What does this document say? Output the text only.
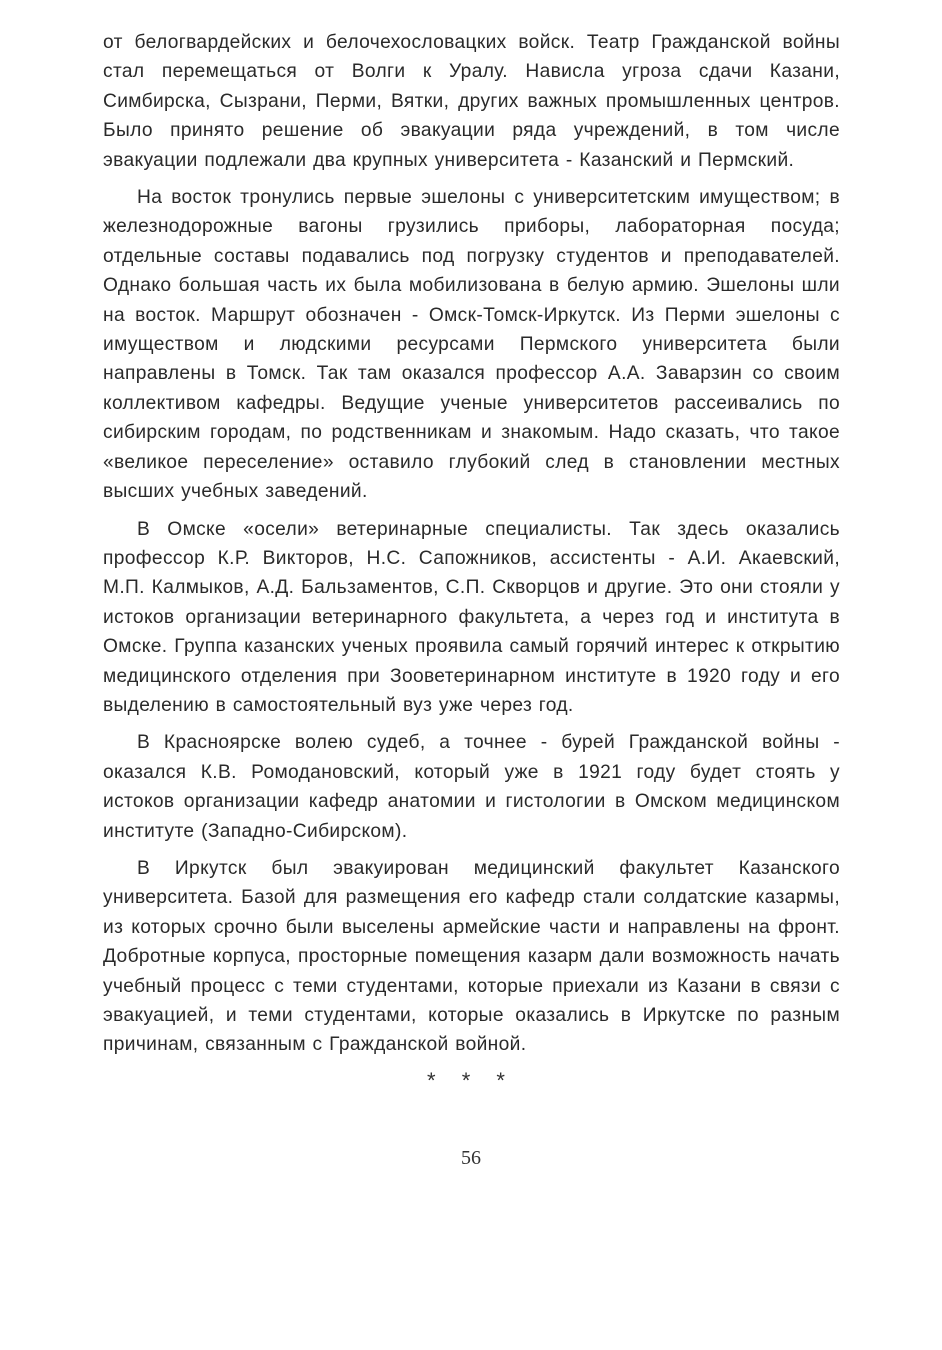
от белогвардейских и белочехословацких войск. Театр Гражданской войны стал перемещаться от Волги к Уралу. Нависла угроза сдачи Казани, Симбирска, Сызрани, Перми, Вятки, других важных промышленных центров. Было принято решение об эвакуации ряда учреждений, в том числе эвакуации подлежали два крупных университета - Казанский и Пермский.

На восток тронулись первые эшелоны с университетским имуществом; в железнодорожные вагоны грузились приборы, лабораторная посуда; отдельные составы подавались под погрузку студентов и преподавателей. Однако большая часть их была мобилизована в белую армию. Эшелоны шли на восток. Маршрут обозначен - Омск-Томск-Иркутск. Из Перми эшелоны с имуществом и людскими ресурсами Пермского университета были направлены в Томск. Так там оказался профессор А.А. Заварзин со своим коллективом кафедры. Ведущие ученые университетов рассеивались по сибирским городам, по родственникам и знакомым. Надо сказать, что такое «великое переселение» оставило глубокий след в становлении местных высших учебных заведений.

В Омске «осели» ветеринарные специалисты. Так здесь оказались профессор К.Р. Викторов, Н.С. Сапожников, ассистенты - А.И. Акаевский, М.П. Калмыков, А.Д. Бальзаментов, С.П. Скворцов и другие. Это они стояли у истоков организации ветеринарного факультета, а через год и института в Омске. Группа казанских ученых проявила самый горячий интерес к открытию медицинского отделения при Зооветеринарном институте в 1920 году и его выделению в самостоятельный вуз уже через год.

В Красноярске волею судеб, а точнее - бурей Гражданской войны - оказался К.В. Ромодановский, который уже в 1921 году будет стоять у истоков организации кафедр анатомии и гистологии в Омском медицинском институте (Западно-Сибирском).

В Иркутск был эвакуирован медицинский факультет Казанского университета. Базой для размещения его кафедр стали солдатские казармы, из которых срочно были выселены армейские части и направлены на фронт. Добротные корпуса, просторные помещения казарм дали возможность начать учебный процесс с теми студентами, которые приехали из Казани в связи с эвакуацией, и теми студентами, которые оказались в Иркутске по разным причинам, связанным с Гражданской войной.

* * *
56
